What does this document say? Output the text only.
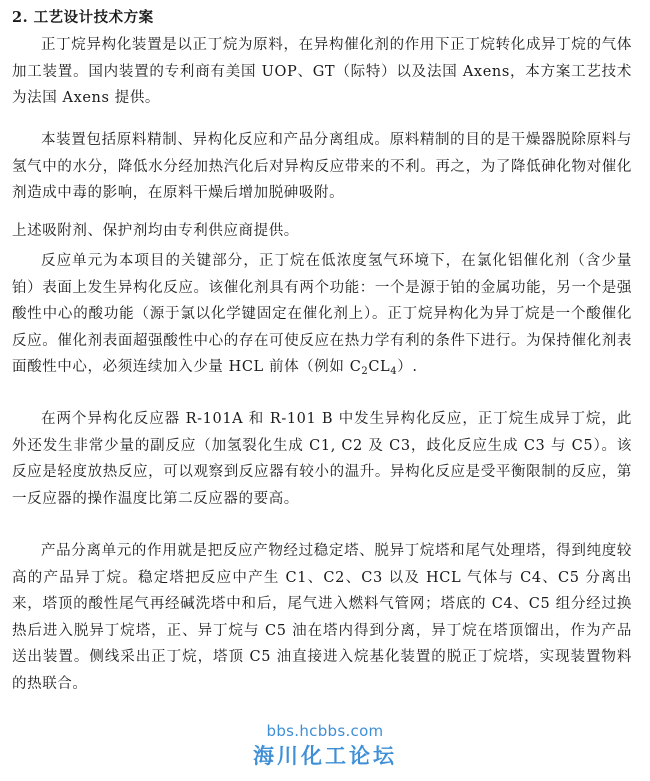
2. 工艺设计技术方案

正丁烷异构化装置是以正丁烷为原料，在异构催化剂的作用下正丁烷转化成异丁烷的气体加工装置。国内装置的专利商有美国 UOP、GT（际特）以及法国 Axens，本方案工艺技术为法国 Axens 提供。

本装置包括原料精制、异构化反应和产品分离组成。原料精制的目的是干燥器脱除原料与氢气中的水分，降低水分经加热汽化后对异构反应带来的不利。再之，为了降低砷化物对催化剂造成中毒的影响，在原料干燥后增加脱砷吸附。

上述吸附剂、保护剂均由专利供应商提供。

反应单元为本项目的关键部分，正丁烷在低浓度氢气环境下，在氯化铝催化剂（含少量铂）表面上发生异构化反应。该催化剂具有两个功能：一个是源于铂的金属功能，另一个是强酸性中心的酸功能（源于氯以化学键固定在催化剂上）。正丁烷异构化为异丁烷是一个酸催化反应。催化剂表面超强酸性中心的存在可使反应在热力学有利的条件下进行。为保持催化剂表面酸性中心，必须连续加入少量 HCL 前体（例如 $C_2CL_4$）.

在两个异构化反应器 R-101A 和 R-101 B 中发生异构化反应，正丁烷生成异丁烷，此外还发生非常少量的副反应（加氢裂化生成 C1, C2 及 C3，歧化反应生成 C3 与 C5）。该反应是轻度放热反应，可以观察到反应器有较小的温升。异构化反应是受平衡限制的反应，第一反应器的操作温度比第二反应器的要高。

产品分离单元的作用就是把反应产物经过稳定塔、脱异丁烷塔和尾气处理塔，得到纯度较高的产品异丁烷。稳定塔把反应中产生 C1、C2、C3 以及 HCL 气体与 C4、C5 分离出来，塔顶的酸性尾气再经碱洗塔中和后，尾气进入燃料气管网；塔底的 C4、C5 组分经过换热后进入脱异丁烷塔，正、异丁烷与 C5 油在塔内得到分离，异丁烷在塔顶馏出，作为产品送出装置。侧线采出正丁烷，塔顶 C5 油直接进入烷基化装置的脱正丁烷塔，实现装置物料的热联合。

bbs.hcbbs.com
海川化工论坛
